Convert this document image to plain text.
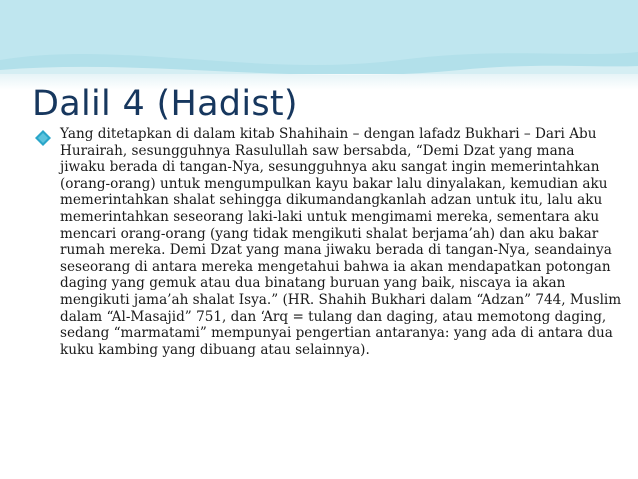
Dalil 4 (Hadist)

Yang ditetapkan di dalam kitab Shahihain – dengan lafadz Bukhari – Dari Abu Hurairah, sesungguhnya Rasulullah saw bersabda, “Demi Dzat yang mana jiwaku berada di tangan-Nya, sesungguhnya aku sangat ingin memerintahkan (orang-orang) untuk mengumpulkan kayu bakar lalu dinyalakan, kemudian aku memerintahkan shalat sehingga dikumandangkanlah adzan untuk itu, lalu aku memerintahkan seseorang laki-laki untuk mengimami mereka, sementara aku mencari orang-orang (yang tidak mengikuti shalat berjama’ah) dan aku bakar rumah mereka. Demi Dzat yang mana jiwaku berada di tangan-Nya, seandainya seseorang di antara mereka mengetahui bahwa ia akan mendapatkan potongan daging yang gemuk atau dua binatang buruan yang baik, niscaya ia akan mengikuti jama’ah shalat Isya.” (HR. Shahih Bukhari dalam “Adzan” 744, Muslim dalam “Al-Masajid” 751, dan ‘Arq = tulang dan daging, atau memotong daging, sedang “marmatami” mempunyai pengertian antaranya: yang ada di antara dua kuku kambing yang dibuang atau selainnya).
